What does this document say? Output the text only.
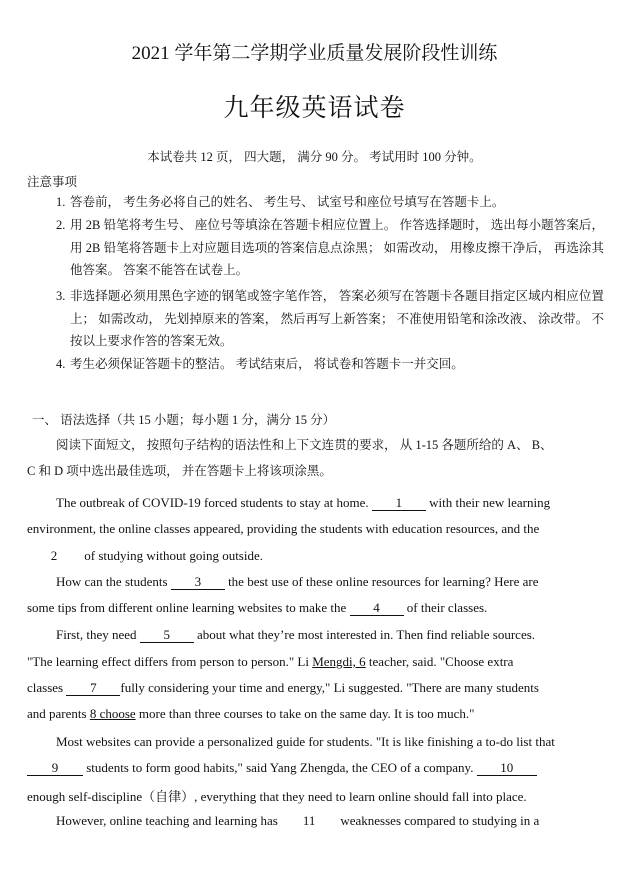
2021 学年第二学期学业质量发展阶段性训练
九年级英语试卷
本试卷共 12 页， 四大题， 满分 90 分。 考试用时 100 分钟。
注意事项
1. 答卷前， 考生务必将自己的姓名、 考生号、 试室号和座位号填写在答题卡上。
2. 用 2B 铅笔将考生号、 座位号等填涂在答题卡相应位置上。 作答选择题时， 选出每小题答案后， 用 2B 铅笔将答题卡上对应题目选项的答案信息点涂黑； 如需改动， 用橡皮擦干净后， 再选涂其他答案。 答案不能答在试卷上。
3. 非选择题必须用黑色字迹的钢笔或签字笔作答， 答案必须写在答题卡各题目指定区域内相应位置上； 如需改动， 先划掉原来的答案， 然后再写上新答案； 不准使用铅笔和涂改液、 涂改带。 不按以上要求作答的答案无效。
4. 考生必须保证答题卡的整洁。 考试结束后， 将试卷和答题卡一并交回。
一、 语法选择（共 15 小题；每小题 1 分，满分 15 分）
阅读下面短文， 按照句子结构的语法性和上下文连贯的要求， 从 1-15 各题所给的 A、 B、
C 和 D 项中选出最佳选项， 并在答题卡上将该项涂黑。
The outbreak of COVID-19 forced students to stay at home. 1 with their new learning
environment, the online classes appeared, providing the students with education resources, and the
2 of studying without going outside.
How can the students 3 the best use of these online resources for learning? Here are
some tips from different online learning websites to make the 4 of their classes.
First, they need 5 about what they’re most interested in. Then find reliable sources.
"The learning effect differs from person to person." Li Mengdi, 6 teacher, said. "Choose extra
classes 7 fully considering your time and energy," Li suggested. "There are many students
and parents 8 choose more than three courses to take on the same day. It is too much."
Most websites can provide a personalized guide for students. "It is like finishing a to-do list that
9 students to form good habits," said Yang Zhengda, the CEO of a company. 10
enough self-discipline（自律）, everything that they need to learn online should fall into place.
However, online teaching and learning has 11 weaknesses compared to studying in a
